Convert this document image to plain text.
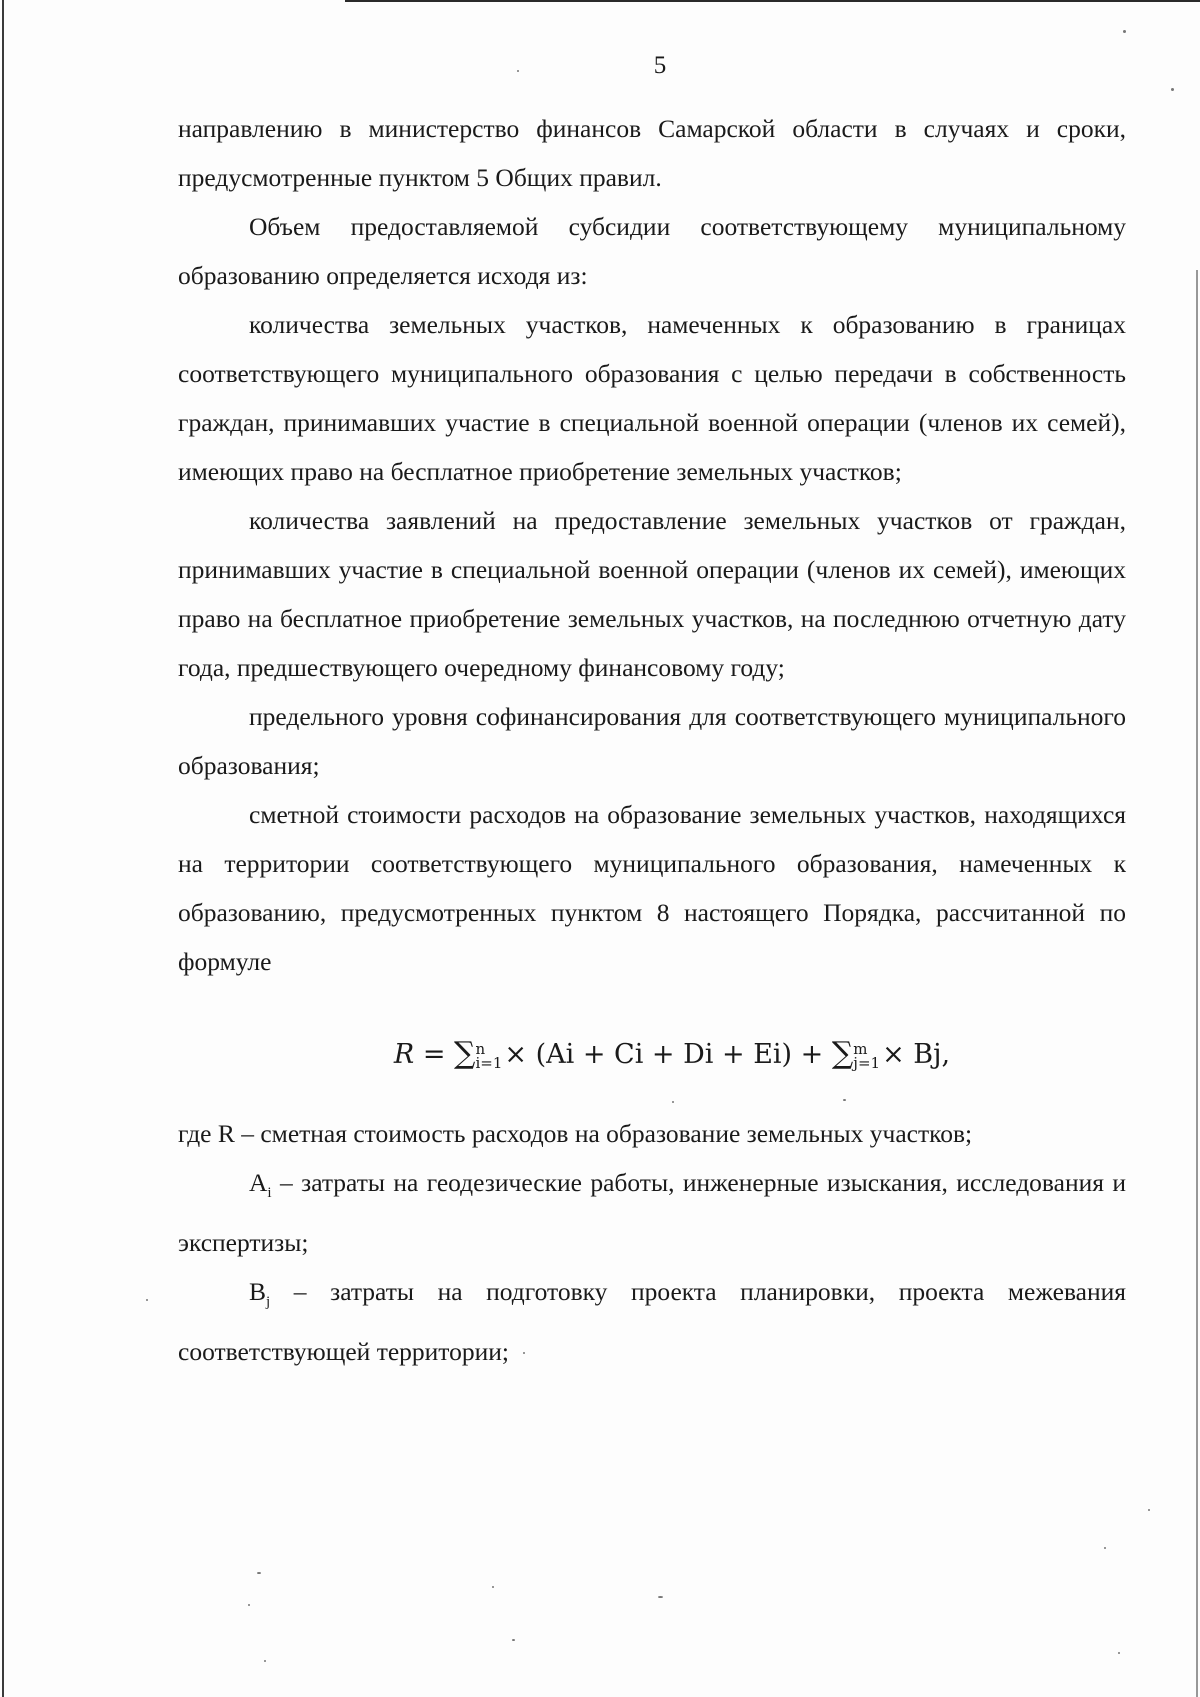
5

направлению в министерство финансов Самарской области в случаях и сроки, предусмотренные пунктом 5 Общих правил.

Объем предоставляемой субсидии соответствующему муниципальному образованию определяется исходя из:

количества земельных участков, намеченных к образованию в границах соответствующего муниципального образования с целью передачи в собственность граждан, принимавших участие в специальной военной операции (членов их семей), имеющих право на бесплатное приобретение земельных участков;

количества заявлений на предоставление земельных участков от граждан, принимавших участие в специальной военной операции (членов их семей), имеющих право на бесплатное приобретение земельных участков, на последнюю отчетную дату года, предшествующего очередному финансовому году;

предельного уровня софинансирования для соответствующего муниципального образования;

сметной стоимости расходов на образование земельных участков, находящихся на территории соответствующего муниципального образования, намеченных к образованию, предусмотренных пунктом 8 настоящего Порядка, рассчитанной по формуле

R = ∑ n
i=1 × (Ai + Ci + Di + Ei) + ∑ m
j=1 × Bj,

где R – сметная стоимость расходов на образование земельных участков;

$A_i$ – затраты на геодезические работы, инженерные изыскания, исследования и экспертизы;

$B_j$ – затраты на подготовку проекта планировки, проекта межевания соответствующей территории;
